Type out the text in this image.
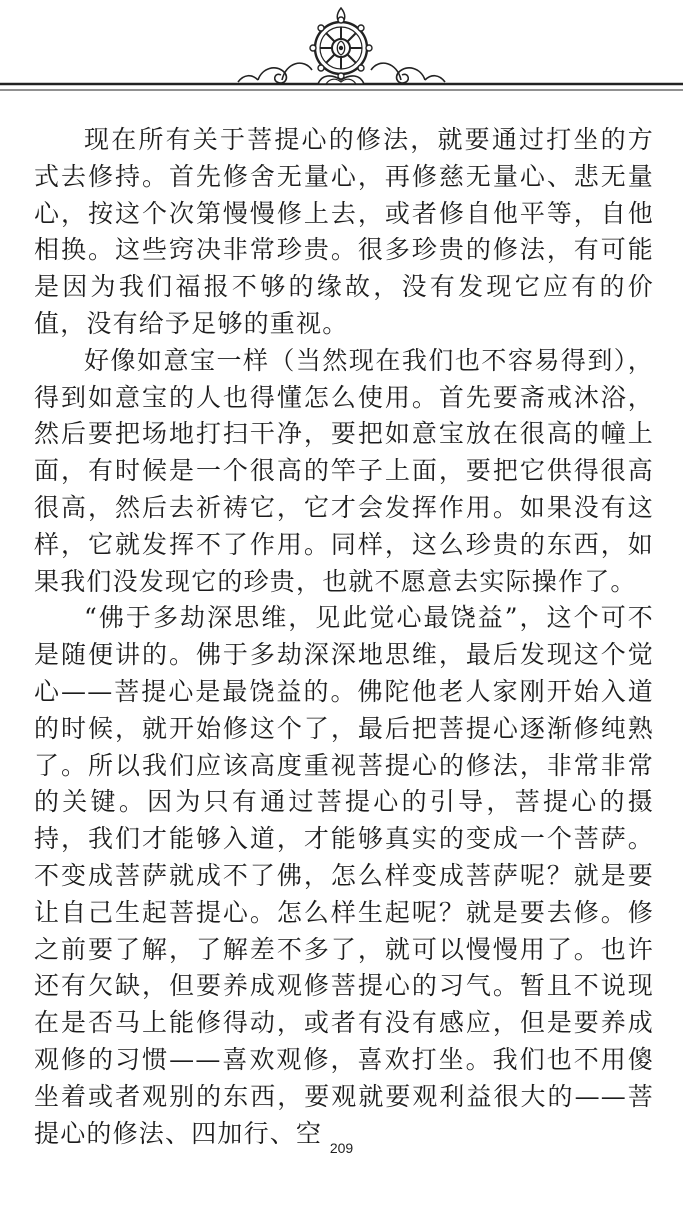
现在所有关于菩提心的修法，就要通过打坐的方式去修持。首先修舍无量心，再修慈无量心、悲无量心，按这个次第慢慢修上去，或者修自他平等，自他相换。这些窍决非常珍贵。很多珍贵的修法，有可能是因为我们福报不够的缘故，没有发现它应有的价值，没有给予足够的重视。

好像如意宝一样（当然现在我们也不容易得到），得到如意宝的人也得懂怎么使用。首先要斋戒沐浴，然后要把场地打扫干净，要把如意宝放在很高的幢上面，有时候是一个很高的竿子上面，要把它供得很高很高，然后去祈祷它，它才会发挥作用。如果没有这样，它就发挥不了作用。同样，这么珍贵的东西，如果我们没发现它的珍贵，也就不愿意去实际操作了。

“佛于多劫深思维，见此觉心最饶益”，这个可不是随便讲的。佛于多劫深深地思维，最后发现这个觉心——菩提心是最饶益的。佛陀他老人家刚开始入道的时候，就开始修这个了，最后把菩提心逐渐修纯熟了。所以我们应该高度重视菩提心的修法，非常非常的关键。因为只有通过菩提心的引导，菩提心的摄持，我们才能够入道，才能够真实的变成一个菩萨。不变成菩萨就成不了佛，怎么样变成菩萨呢？就是要让自己生起菩提心。怎么样生起呢？就是要去修。修之前要了解，了解差不多了，就可以慢慢用了。也许还有欠缺，但要养成观修菩提心的习气。暂且不说现在是否马上能修得动，或者有没有感应，但是要养成观修的习惯——喜欢观修，喜欢打坐。我们也不用傻坐着或者观别的东西，要观就要观利益很大的——菩提心的修法、四加行、空

209
